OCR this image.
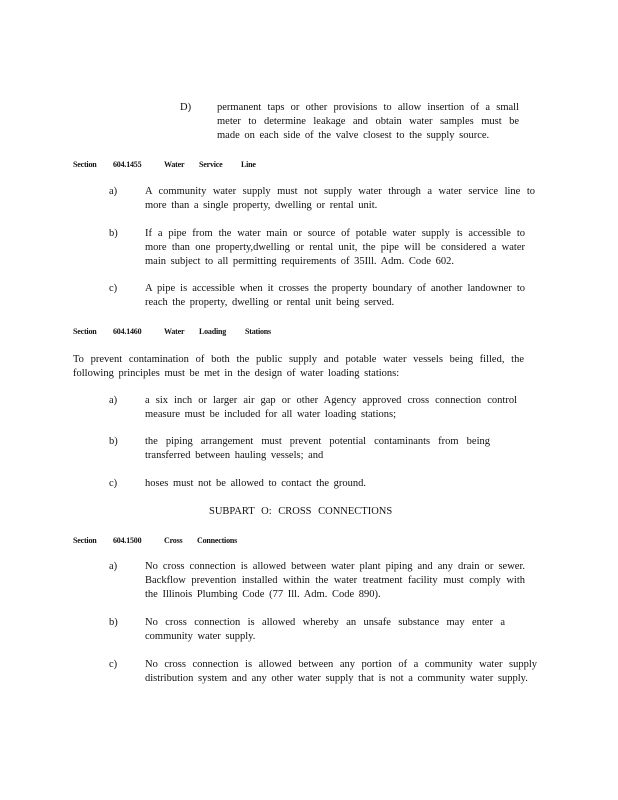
D) permanent taps or other provisions to allow insertion of a small meter to determine leakage and obtain water samples must be made on each side of the valve closest to the supply source.
Section 604.1455	Water Service Line
a)	A community water supply must not supply water through a water service line to more than a single property, dwelling or rental unit.
b)	If a pipe from the water main or source of potable water supply is accessible to more than one property,dwelling or rental unit, the pipe will be considered a water main subject to all permitting requirements of 35Ill. Adm. Code 602.
c)	A pipe is accessible when it crosses the property boundary of another landowner to reach the property, dwelling or rental unit being served.
Section 604.1460	Water Loading Stations
To prevent contamination of both the public supply and potable water vessels being filled, the following principles must be met in the design of water loading stations:
a)	a six inch or larger air gap or other Agency approved cross connection control measure must be included for all water loading stations;
b)	the piping arrangement must prevent potential contaminants from being transferred between hauling vessels; and
c)	hoses must not be allowed to contact the ground.
SUBPART O: CROSS CONNECTIONS
Section 604.1500	Cross Connections
a)	No cross connection is allowed between water plant piping and any drain or sewer. Backflow prevention installed within the water treatment facility must comply with the Illinois Plumbing Code (77 Ill. Adm. Code 890).
b)	No cross connection is allowed whereby an unsafe substance may enter a community water supply.
c)	No cross connection is allowed between any portion of a community water supply distribution system and any other water supply that is not a community water supply.
